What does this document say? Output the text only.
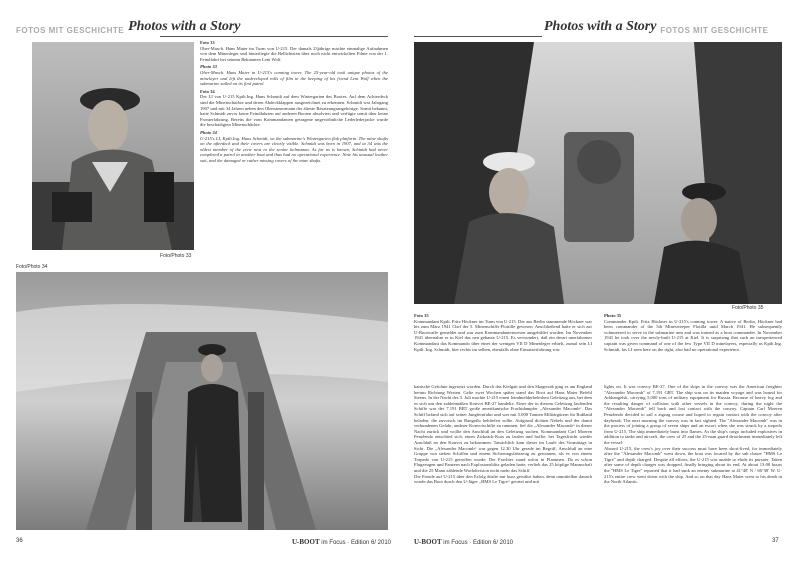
FOTOS MIT GESCHICHTE Photos with a Story
Foto/Photo 33

Foto 33
Ober-Masch. Hans Maier im Turm von U-215. Der damals 23jährige machte einmalige Aufnahmen von dem Minenleger und hinterliegte die Bellichtsten über noch nicht entwickelten Filme von der 1. Feindfahrt bei seinem Bekannten Lent Wolf.

Photo 33
Ober-Masch. Hans Maier in U-215's conning tower. The 25-year-old took unique photos of the minelayer and left the undeveloped rolls of film in the keeping of his friend Lent Wolf when the submarine sailed on its first patrol.

Foto 34
Der LI von U-215 Kptlt.Ing. Hans Schmidt auf dem Wintergarten des Bootes. Auf dem Achterdeck sind die Minenschächte und deren Abdeckklappen ausgezeichnet zu erkennen. Schmidt war Jahrgang 1907 und mit 34 Jahren neben den Obersteuermann der älteste Besatzungsangehörige. Somit bekannt, hatte Schmidt zuvor keine Feindfahrten auf anderen Booten absolviert und verfügte somit über keine Fronterfahrung. Bereits die vom Kommandanten getragene ungewöhnliche Lederlederjacke wurde die beschädigten Minenschächte.

Photo 34
U-215's LI, Kptlt.Ing. Hans Schmidt, on the submarine's Wintergarten flak platform. The mine shafts on the afterdeck and their covers are clearly visible. Schmidt was born in 1907, and at 34 was the oldest member of the crew next to the senior helmsman. As far as is known, Schmidt had never completed a patrol in another boat and thus had no operational experience. Note his unusual leather suit, and the damaged or rather missing covers of the mine shafts.

Foto/Photo 34
36	U-BOOT im Focus · Edition 6/ 2010
Photos with a Story FOTOS MIT GESCHICHTE
Foto/Photo 35

Foto 35
Kommandant Kptlt. Fritz Höckner im Turm von U-215. Der aus Berlin stammende Höckner war bis zum März 1941 Chef der 5. Minenschiffs-Flottille gewesen. Anschließend hatte er sich zur U-Bootwaffe gemeldet und war zum Kommandantenwesen ausgebildet worden. Im November 1941 übernahm er in Kiel das neu gebaute U-215. Es verwundert, daß ein derart unerfahrener Kommandant das Kommando über eines der wenigen VII D Minenleger erhielt, zumal sein LI Kptlt. Ing. Schmidt, hier rechts im selben, ebenfalls ohne Einsatzerfahrung war.

Photo 35
Commander Kptlt. Fritz Höckner in U-215's conning tower. A native of Berlin, Höckner had been commander of the 5th Minesweeper Flotilla until March 1941. He subsequently volunteered to serve in the submarine arm and was trained as a boat commander. In November 1941 he took over the newly-built U-215 at Kiel. It is surprising that such an inexperienced captain was given command of one of the few Type VII D minelayers, especially as Kptlt.Ing. Schmidt, his LI seen here on the right, also had no operational experience.

kanische Gefolute ingesetzt worden. Durch das Kielgatt und den Skagerrak ging es am England herum Richtung Westen. Gelte zwei Wochen später stand das Boot auf Hans Maier Befehl Steens. In der Nacht des 3. Juli machte U-215 einen feindmelderbeleshen Geleitzug aus, bei dem es sich um den zahlenmäßen Konvoi BE-27 handelte. Einer der in diesem Geleitzug laufenden Schiffe war der 7.191 BRT große amerikanische Frachtdampfer „Alexander Macomb“. Das Schiff befand sich auf seiner Jungfernfahrt und war mit 5.000 Tonnen Militärgütern für Rußland beladen, die zuvorsch im Rangidlo bebliefert sollte. Aufgrund dichten Nebels und der damit verbundenen Gefahr, anderer Konvoischiffe zu rammen, lief die „Alexander Macomb“ in dieser Nacht zurück und wollte den Anschluß an den Geleitzug suchen. Kommandant Carl Moeren Penzlendo entschied sich, einen Zickzack-Kurs zu laufen und hoffte, bei Tagesfrucht wieder Anschluß an den Konvoi zu bekommen. Tatsächlich kam dieser im Laufe des Vormittags in Sicht. Die „Alexander Macomb“ war gegen 12.30 Uhr gerade im Begriff, Anschluß an eine Gruppe von sieben Schiffen und einem Sicherungsfahrzeug zu gewinnen, als es von einem Torpedo von U-215 getroffen wurde. Der Frachter stand sofort in Flammen. Da es schon Flugzeugen und Panzern nach Explosionsblitz geladen hatte, verlieh das 25 köpfige Mannschaft und die 25 Mann zählende Wachdivision nicht mehr das Schiff.
Die Freude auf U-215 über den Erfolg dürfte nur kurz gewährt haben, denn unmittelbar danach wurde das Boot durch den U-Jäger „HMS Le Tigre“ geortet und mit
lights on. It was convoy BE-27. One of the ships in the convoy was the American freighter "Alexander Macomb" of 7,191 GRT. The ship was on its maiden voyage and was bound for Arkhangelsk, carrying 5,000 tons of military equipment for Russia. Because of heavy fog and the resulting danger of collision with other vessels in the convoy, during the night the "Alexander Macomb" fell back and lost contact with the convoy. Captain Carl Moeren Penzlendo decided to sail a zigzag course and hoped to regain contact with the convoy after daybreak. The next morning the convoy was in fact sighted. The "Alexander Macomb" was in the process of joining a group of seven ships and an escort when she was struck by a torpedo from U-215. The ship immediately burst into flames. As the ship's cargo included explosives in addition to tanks and aircraft, the crew of 25 and the 25-man guard detachment immediately left the vessel.
Aboard U-215, the crew's joy over their success must have been short-lived, for immediately after the "Alexander Macomb" went down, the boat was located by the sub chaser "HMS Le Tigre" and depth charged. Despite all efforts, the U-215 was unable to elude its pursuer. Taken after some of depth charges was dropped, finally bringing about its end. At about 13:00 hours the "HMS Le Tigre" reported that it had sunk an enemy submarine at 41°48' N / 66°38' W. U-215's entire crew went down with the ship. And so on that day Hans Maier went to his death in the North Atlantic.
U-BOOT im Focus · Edition 6/ 2010	37
